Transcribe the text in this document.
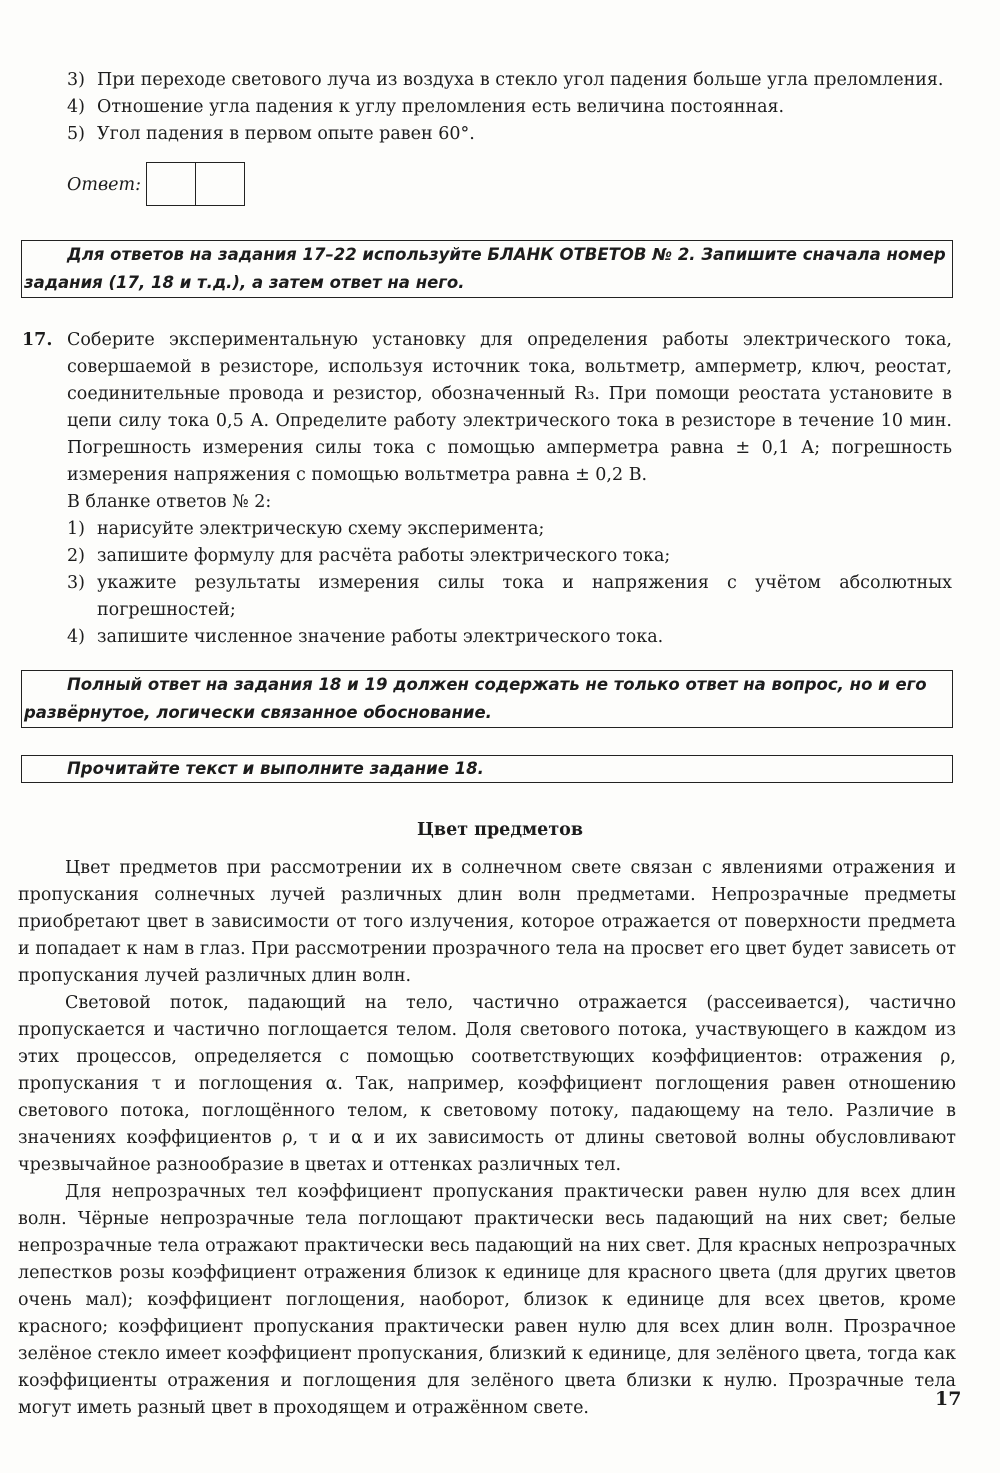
3) При переходе светового луча из воздуха в стекло угол падения больше угла преломления.
4) Отношение угла падения к углу преломления есть величина постоянная.
5) Угол падения в первом опыте равен 60°.
Ответ:
Для ответов на задания 17–22 используйте БЛАНК ОТВЕТОВ № 2. Запишите сначала номер
задания (17, 18 и т.д.), а затем ответ на него.
17. Соберите экспериментальную установку для определения работы электрического тока, совершаемой в резисторе, используя источник тока, вольтметр, амперметр, ключ, реостат, соединительные провода и резистор, обозначенный R₃. При помощи реостата установите в цепи силу тока 0,5 А. Определите работу электрического тока в резисторе в течение 10 мин. Погрешность измерения силы тока с помощью амперметра равна ± 0,1 А; погрешность измерения напряжения с помощью вольтметра равна ± 0,2 В.

В бланке ответов № 2:

1) нарисуйте электрическую схему эксперимента;
2) запишите формулу для расчёта работы электрического тока;
3) укажите результаты измерения силы тока и напряжения с учётом абсолютных погрешностей;
4) запишите численное значение работы электрического тока.
Полный ответ на задания 18 и 19 должен содержать не только ответ на вопрос, но и его
развёрнутое, логически связанное обоснование.
Прочитайте текст и выполните задание 18.
Цвет предметов

Цвет предметов при рассмотрении их в солнечном свете связан с явлениями отражения и пропускания солнечных лучей различных длин волн предметами. Непрозрачные предметы приобретают цвет в зависимости от того излучения, которое отражается от поверхности предмета и попадает к нам в глаз. При рассмотрении прозрачного тела на просвет его цвет будет зависеть от пропускания лучей различных длин волн.

Световой поток, падающий на тело, частично отражается (рассеивается), частично пропускается и частично поглощается телом. Доля светового потока, участвующего в каждом из этих процессов, определяется с помощью соответствующих коэффициентов: отражения ρ, пропускания τ и поглощения α. Так, например, коэффициент поглощения равен отношению светового потока, поглощённого телом, к световому потоку, падающему на тело. Различие в значениях коэффициентов ρ, τ и α и их зависимость от длины световой волны обусловливают чрезвычайное разнообразие в цветах и оттенках различных тел.

Для непрозрачных тел коэффициент пропускания практически равен нулю для всех длин волн. Чёрные непрозрачные тела поглощают практически весь падающий на них свет; белые непрозрачные тела отражают практически весь падающий на них свет. Для красных непрозрачных лепестков розы коэффициент отражения близок к единице для красного цвета (для других цветов очень мал); коэффициент поглощения, наоборот, близок к единице для всех цветов, кроме красного; коэффициент пропускания практически равен нулю для всех длин волн. Прозрачное зелёное стекло имеет коэффициент пропускания, близкий к единице, для зелёного цвета, тогда как коэффициенты отражения и поглощения для зелёного цвета близки к нулю. Прозрачные тела могут иметь разный цвет в проходящем и отражённом свете.	17
